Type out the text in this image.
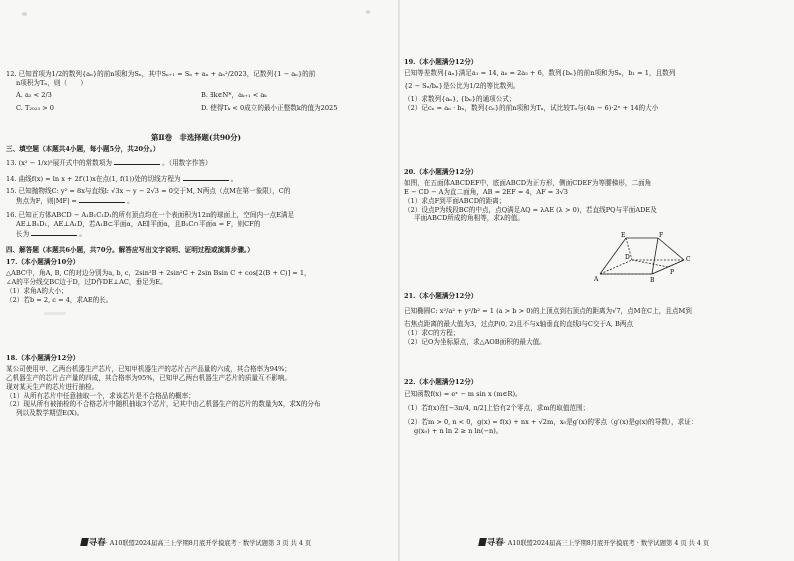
12. 已知首项为1/2的数列{aₙ}的前n项和为Sₙ，其中Sₙ₊₁ = Sₙ + aₙ + aₙ²/2023，记数列{1 − aₙ}的前
n项积为Tₙ，则（　　）
A. a₂ < 2/3	B. ∃k∈N*，aₖ₊₁ < aₖ
C. T₂₀₂₃ > 0	D. 使得Tₖ < 0成立的最小正整数k的值为2025
第Ⅱ卷　非选择题(共90分)
三、填空题（本题共4小题，每小题5分，共20分。）
13. (x² − 1/x)⁵展开式中的常数项为	。（用数字作答）
14. 曲线f(x) = ln x + 2f′(1)x在点(1, f(1))处的切线方程为	。
15. 已知抛物线C: y² = 8x与直线l: √3x − y − 2√3 = 0交于M, N两点（点M在第一象限），C的
焦点为F，则|MF| =	。
16. 已知正方体ABCD − A₁B₁C₁D₁的所有顶点均在一个表面积为12π的球面上，空间内一点E满足
AE⊥B₁D₁，AE⊥A₁D，若A₁B⊂平面α，AE∥平面α，且B₁C∩平面α = F，则CF的
长为	。
四、解答题（本题共6小题，共70分。解答应写出文字说明、证明过程或演算步骤。）
17.（本小题满分10分）
△ABC中，角A, B, C的对边分别为a, b, c，2sin²B + 2sin²C + 2sin Bsin C + cos[2(B + C)] = 1，
∠A的平分线交BC边于D，过D作DE⊥AC，垂足为E。
（1）求角A的大小；
（2）若b = 2, c = 4，求AE的长。
18.（本小题满分12分）
某公司使用甲、乙两台机器生产芯片，已知甲机器生产的芯片占产品量的六成，其合格率为94%；
乙机器生产的芯片占产量的四成，其合格率为95%，已知甲乙两台机器生产芯片的质量互不影响。
现对某天生产的芯片进行抽检。
（1）从所有芯片中任意抽取一个，求该芯片是不合格品的概率；
（2）现从所有被抽检的不合格芯片中随机抽取3个芯片，记其中由乙机器生产的芯片的数量为X，求X的分布
列以及数学期望E(X)。
寻春· A10联盟2024届高三上学期8月底开学摸底考 · 数学试题第 3 页 共 4 页
19.（本小题满分12分）
已知等差数列{aₙ}满足a₁ = 14, a₆ = 2a₅ + 6，数列{bₙ}的前n项和为Sₙ，b₁ = 1，且数列
{2 − Sₙ/bₙ}是公比为1/2的等比数列。
（1）求数列{aₙ}, {bₙ}的通项公式；
（2）记cₙ = aₙ · bₙ，数列{cₙ}的前n项和为Tₙ，试比较Tₙ与(4n − 6)·2ⁿ + 14的大小
20.（本小题满分12分）
如图，在五面体ABCDEF中，底面ABCD为正方形，侧面CDEF为等腰梯形，二面角
E − CD − A为直二面角，AB = 2EF = 4，AF = 3√3
（1）求点F到平面ABCD的距离；
（2）设点P为线段BC的中点，点Q满足AQ = λAE (λ > 0)，若直线PQ与平面ADE及
平面ABCD所成的角相等，求λ的值。
E	F
D	C
A	B
P
21.（本小题满分12分）
已知椭圆C: x²/a² + y²/b² = 1 (a > b > 0)的上顶点到右顶点的距离为√7，点M在C上，且点M到
右焦点距离的最大值为3，过点P(0, 2)且不与x轴垂直的直线l与C交于A, B两点
（1）求C的方程；
（2）记O为坐标原点，求△AOB面积的最大值。
22.（本小题满分12分）
已知函数f(x) = eˣ − m sin x (m∈R)。
（1）若f(x)在[−3π/4, π/2]上恰有2个零点，求m的取值范围；
（2）若m > 0, n < 0，g(x) = f(x) + nx + √2m，x₀是g′(x)的零点（g′(x)是g(x)的导数），求证：
g(x₀) + n ln 2 ≥ n ln(−n)。
寻春· A10联盟2024届高三上学期8月底开学摸底考 · 数学试题第 4 页 共 4 页
